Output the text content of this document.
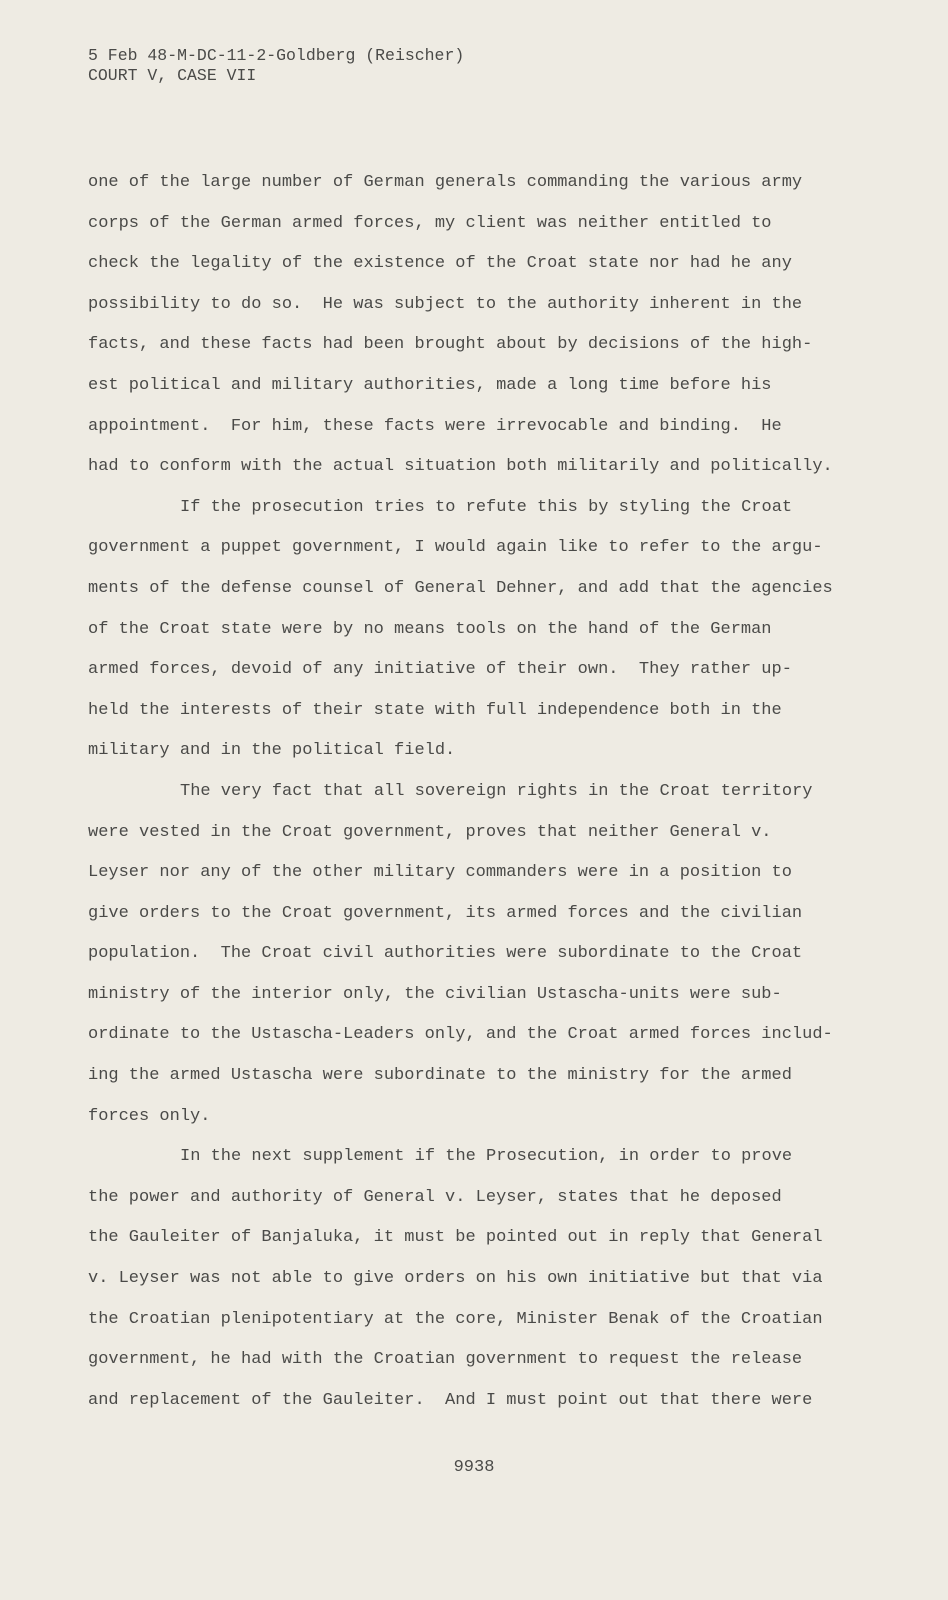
5 Feb 48-M-DC-11-2-Goldberg (Reischer)
COURT V, CASE VII
one of the large number of German generals commanding the various army
corps of the German armed forces, my client was neither entitled to
check the legality of the existence of the Croat state nor had he any
possibility to do so.  He was subject to the authority inherent in the
facts, and these facts had been brought about by decisions of the high-
est political and military authorities, made a long time before his
appointment.  For him, these facts were irrevocable and binding.  He
had to conform with the actual situation both militarily and politically.
If the prosecution tries to refute this by styling the Croat
government a puppet government, I would again like to refer to the argu-
ments of the defense counsel of General Dehner, and add that the agencies
of the Croat state were by no means tools on the hand of the German
armed forces, devoid of any initiative of their own.  They rather up-
held the interests of their state with full independence both in the
military and in the political field.
The very fact that all sovereign rights in the Croat territory
were vested in the Croat government, proves that neither General v.
Leyser nor any of the other military commanders were in a position to
give orders to the Croat government, its armed forces and the civilian
population.  The Croat civil authorities were subordinate to the Croat
ministry of the interior only, the civilian Ustascha-units were sub-
ordinate to the Ustascha-Leaders only, and the Croat armed forces includ-
ing the armed Ustascha were subordinate to the ministry for the armed
forces only.
In the next supplement if the Prosecution, in order to prove
the power and authority of General v. Leyser, states that he deposed
the Gauleiter of Banjaluka, it must be pointed out in reply that General
v. Leyser was not able to give orders on his own initiative but that via
the Croatian plenipotentiary at the core, Minister Benak of the Croatian
government, he had with the Croatian government to request the release
and replacement of the Gauleiter.  And I must point out that there were
9938
